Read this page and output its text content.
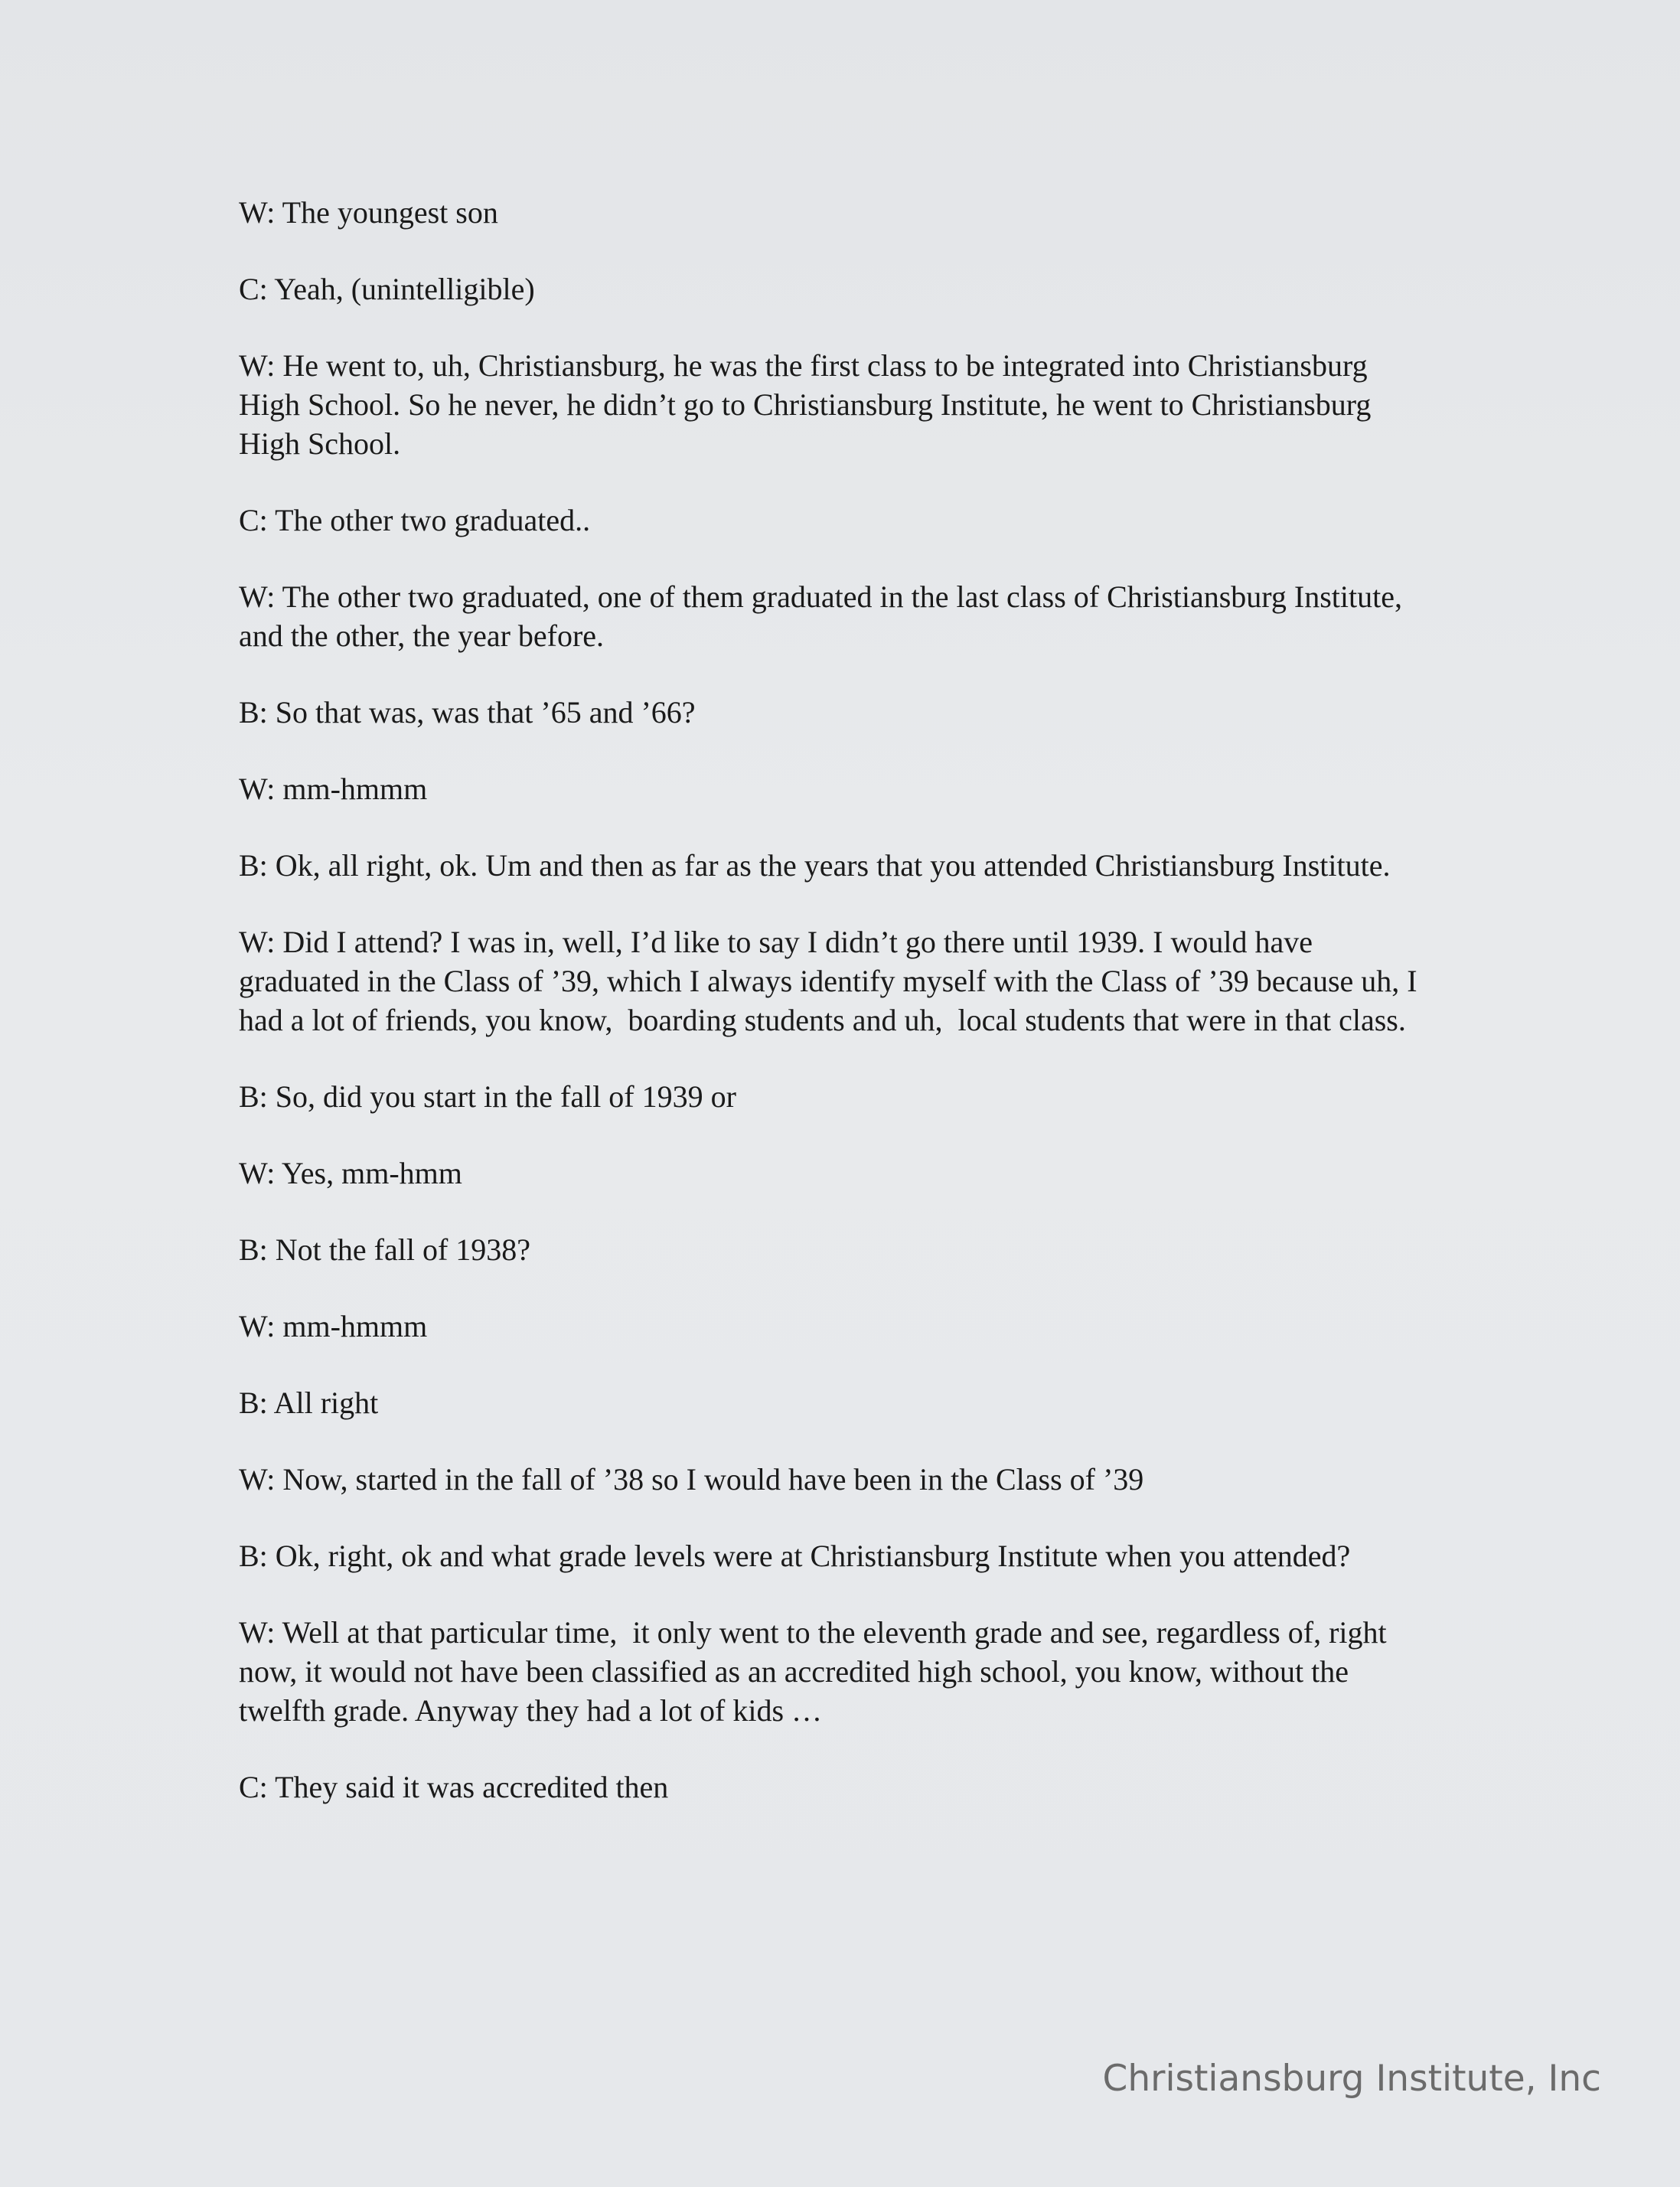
W: The youngest son

C: Yeah, (unintelligible)

W: He went to, uh, Christiansburg, he was the first class to be integrated into Christiansburg High School. So he never, he didn’t go to Christiansburg Institute, he went to Christiansburg High School.

C: The other two graduated..

W: The other two graduated, one of them graduated in the last class of Christiansburg Institute, and the other, the year before.

B: So that was, was that ’65 and ’66?

W: mm-hmmm

B: Ok, all right, ok. Um and then as far as the years that you attended Christiansburg Institute.

W: Did I attend? I was in, well, I’d like to say I didn’t go there until 1939. I would have graduated in the Class of ’39, which I always identify myself with the Class of ’39 because uh, I had a lot of friends, you know,  boarding students and uh,  local students that were in that class.

B: So, did you start in the fall of 1939 or

W: Yes, mm-hmm

B: Not the fall of 1938?

W: mm-hmmm

B: All right

W: Now, started in the fall of ’38 so I would have been in the Class of ’39

B: Ok, right, ok and what grade levels were at Christiansburg Institute when you attended?

W: Well at that particular time,  it only went to the eleventh grade and see, regardless of, right now, it would not have been classified as an accredited high school, you know, without the twelfth grade. Anyway they had a lot of kids …

C: They said it was accredited then

Christiansburg Institute, Inc
